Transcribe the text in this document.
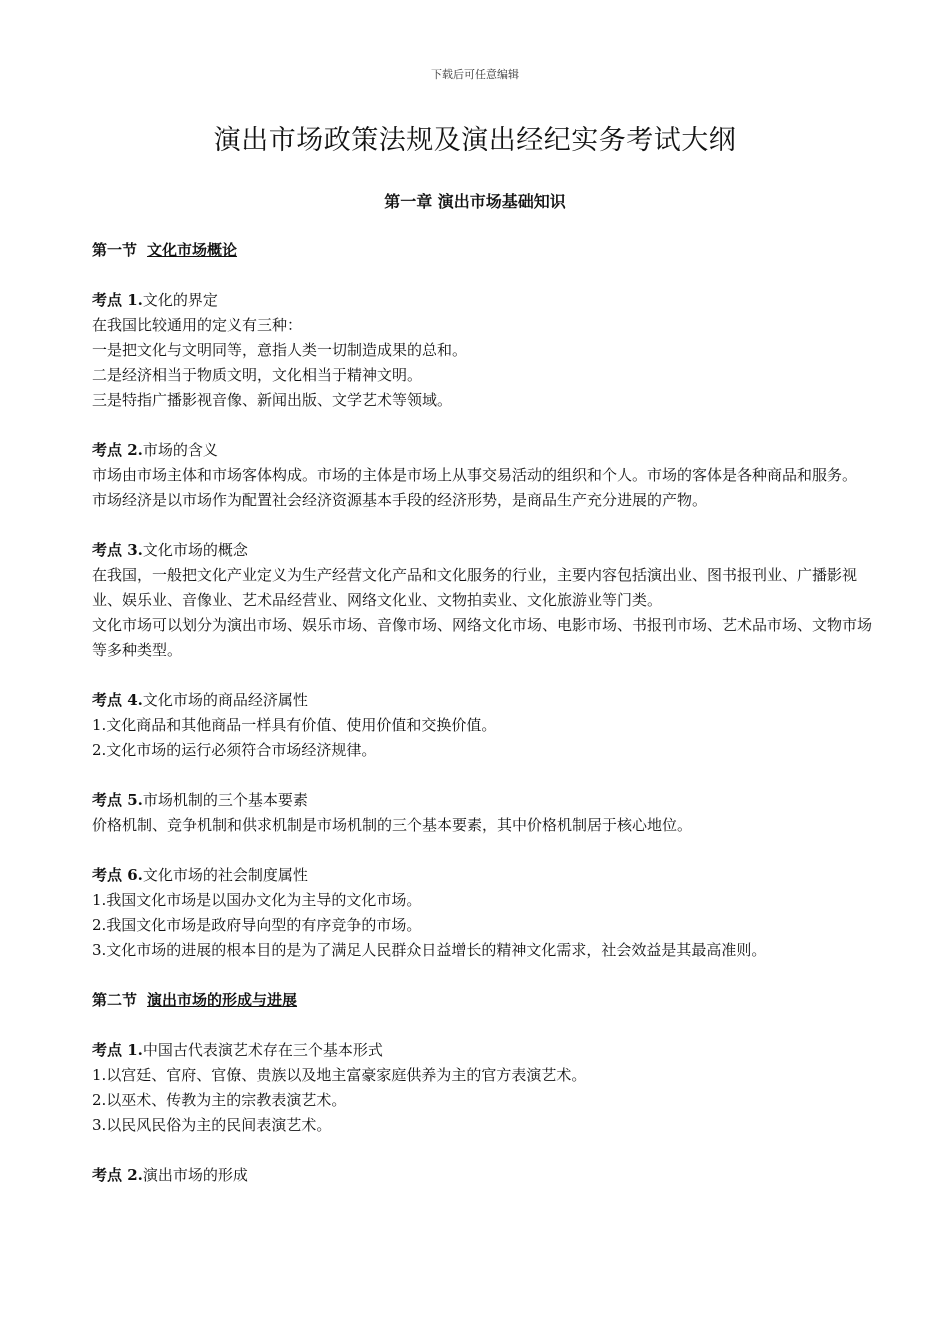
下载后可任意编辑
演出市场政策法规及演出经纪实务考试大纲
第一章 演出市场基础知识

第一节 文化市场概论

考点 1.文化的界定

在我国比较通用的定义有三种：

一是把文化与文明同等，意指人类一切制造成果的总和。

二是经济相当于物质文明，文化相当于精神文明。

三是特指广播影视音像、新闻出版、文学艺术等领域。

考点 2.市场的含义

市场由市场主体和市场客体构成。市场的主体是市场上从事交易活动的组织和个人。市场的客体是各种商品和服务。

市场经济是以市场作为配置社会经济资源基本手段的经济形势，是商品生产充分进展的产物。

考点 3.文化市场的概念

在我国，一般把文化产业定义为生产经营文化产品和文化服务的行业，主要内容包括演出业、图书报刊业、广播影视业、娱乐业、音像业、艺术品经营业、网络文化业、文物拍卖业、文化旅游业等门类。

文化市场可以划分为演出市场、娱乐市场、音像市场、网络文化市场、电影市场、书报刊市场、艺术品市场、文物市场等多种类型。

考点 4.文化市场的商品经济属性

1.文化商品和其他商品一样具有价值、使用价值和交换价值。

2.文化市场的运行必须符合市场经济规律。

考点 5.市场机制的三个基本要素

价格机制、竞争机制和供求机制是市场机制的三个基本要素，其中价格机制居于核心地位。

考点 6.文化市场的社会制度属性

1.我国文化市场是以国办文化为主导的文化市场。

2.我国文化市场是政府导向型的有序竞争的市场。

3.文化市场的进展的根本目的是为了满足人民群众日益增长的精神文化需求，社会效益是其最高准则。

第二节 演出市场的形成与进展

考点 1.中国古代表演艺术存在三个基本形式

1.以宫廷、官府、官僚、贵族以及地主富豪家庭供养为主的官方表演艺术。

2.以巫术、传教为主的宗教表演艺术。

3.以民风民俗为主的民间表演艺术。

考点 2.演出市场的形成
